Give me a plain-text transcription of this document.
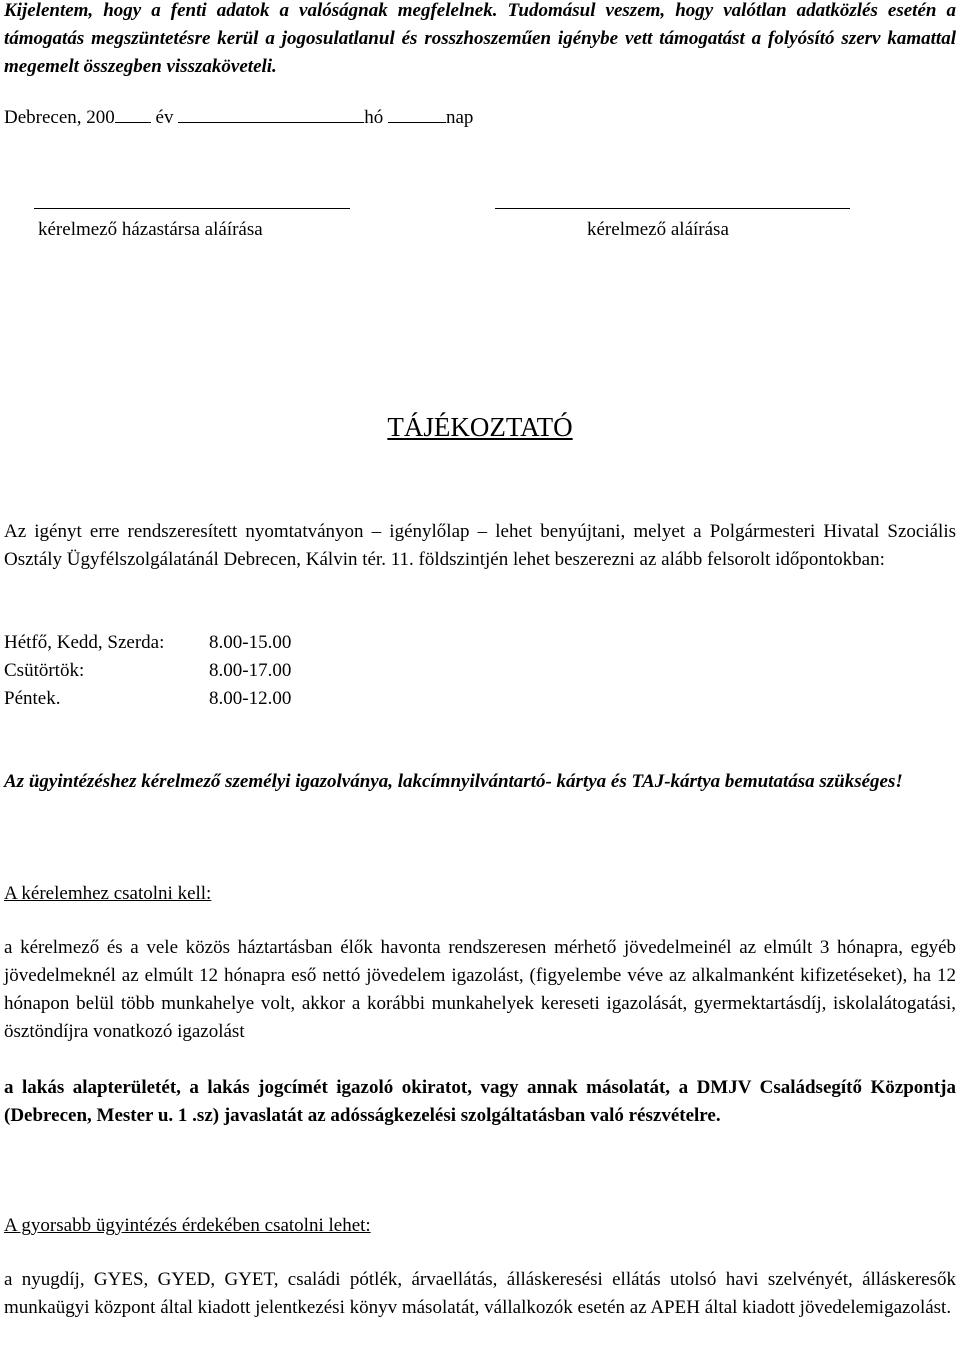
Kijelentem, hogy a fenti adatok a valóságnak megfelelnek. Tudomásul veszem, hogy valótlan adatközlés esetén a támogatás megszüntetésre kerül a jogosulatlanul és rosszhoszeműen igénybe vett támogatást a folyósító szerv kamattal megemelt összegben visszaköveteli.
Debrecen, 200 év	hó	nap
kérelmező házastársa aláírása	kérelmező aláírása
TÁJÉKOZTATÓ
Az igényt erre rendszeresített nyomtatványon – igénylőlap – lehet benyújtani, melyet a Polgármesteri Hivatal Szociális Osztály Ügyfélszolgálatánál Debrecen, Kálvin tér. 11. földszintjén lehet beszerezni az alább felsorolt időpontokban:
Hétfő, Kedd, Szerda:	8.00-15.00
Csütörtök:	8.00-17.00
Péntek.	8.00-12.00
Az ügyintézéshez kérelmező személyi igazolványa, lakcímnyilvántartó- kártya és TAJ-kártya bemutatása szükséges!
A kérelemhez csatolni kell:
a kérelmező és a vele közös háztartásban élők havonta rendszeresen mérhető jövedelmeinél az elmúlt 3 hónapra, egyéb jövedelmeknél az elmúlt 12 hónapra eső nettó jövedelem igazolást, (figyelembe véve az alkalmanként kifizetéseket), ha 12 hónapon belül több munkahelye volt, akkor a korábbi munkahelyek kereseti igazolását, gyermektartásdíj, iskolalátogatási, ösztöndíjra vonatkozó igazolást
a lakás alapterületét, a lakás jogcímét igazoló okiratot, vagy annak másolatát, a DMJV Családsegítő Központja (Debrecen, Mester u. 1 .sz) javaslatát az adósságkezelési szolgáltatásban való részvételre.
A gyorsabb ügyintézés érdekében csatolni lehet:
a nyugdíj, GYES, GYED, GYET, családi pótlék, árvaellátás, álláskeresési ellátás utolsó havi szelvényét, álláskeresők munkaügyi központ által kiadott jelentkezési könyv másolatát, vállalkozók esetén az APEH által kiadott jövedelemigazolást.
